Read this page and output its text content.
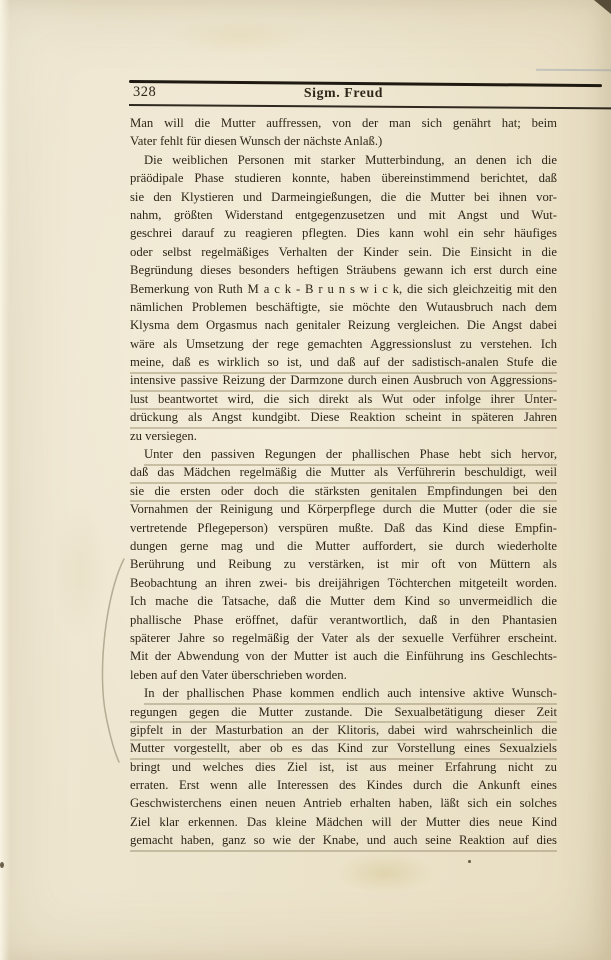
328	Sigm. Freud
Man will die Mutter auffressen, von der man sich genährt hat; beim
Vater fehlt für diesen Wunsch der nächste Anlaß.)
Die weiblichen Personen mit starker Mutterbindung, an denen ich die
präödipale Phase studieren konnte, haben übereinstimmend berichtet, daß
sie den Klystieren und Darmeingießungen, die die Mutter bei ihnen vor-
nahm, größten Widerstand entgegenzusetzen und mit Angst und Wut-
geschrei darauf zu reagieren pflegten. Dies kann wohl ein sehr häufiges
oder selbst regelmäßiges Verhalten der Kinder sein. Die Einsicht in die
Begründung dieses besonders heftigen Sträubens gewann ich erst durch eine
Bemerkung von Ruth M a c k - B r u n s w i c k, die sich gleichzeitig mit den
nämlichen Problemen beschäftigte, sie möchte den Wutausbruch nach dem
Klysma dem Orgasmus nach genitaler Reizung vergleichen. Die Angst dabei
wäre als Umsetzung der rege gemachten Aggressionslust zu verstehen. Ich
meine, daß es wirklich so ist, und daß auf der sadistisch-analen Stufe die
intensive passive Reizung der Darmzone durch einen Ausbruch von Aggressions-
lust beantwortet wird, die sich direkt als Wut oder infolge ihrer Unter-
drückung als Angst kundgibt. Diese Reaktion scheint in späteren Jahren
zu versiegen.
Unter den passiven Regungen der phallischen Phase hebt sich hervor,
daß das Mädchen regelmäßig die Mutter als Verführerin beschuldigt, weil
sie die ersten oder doch die stärksten genitalen Empfindungen bei den
Vornahmen der Reinigung und Körperpflege durch die Mutter (oder die sie
vertretende Pflegeperson) verspüren mußte. Daß das Kind diese Empfin-
dungen gerne mag und die Mutter auffordert, sie durch wiederholte
Berührung und Reibung zu verstärken, ist mir oft von Müttern als
Beobachtung an ihren zwei- bis dreijährigen Töchterchen mitgeteilt worden.
Ich mache die Tatsache, daß die Mutter dem Kind so unvermeidlich die
phallische Phase eröffnet, dafür verantwortlich, daß in den Phantasien
späterer Jahre so regelmäßig der Vater als der sexuelle Verführer erscheint.
Mit der Abwendung von der Mutter ist auch die Einführung ins Geschlechts-
leben auf den Vater überschrieben worden.
In der phallischen Phase kommen endlich auch intensive aktive Wunsch-
regungen gegen die Mutter zustande. Die Sexualbetätigung dieser Zeit
gipfelt in der Masturbation an der Klitoris, dabei wird wahrscheinlich die
Mutter vorgestellt, aber ob es das Kind zur Vorstellung eines Sexualziels
bringt und welches dies Ziel ist, ist aus meiner Erfahrung nicht zu
erraten. Erst wenn alle Interessen des Kindes durch die Ankunft eines
Geschwisterchens einen neuen Antrieb erhalten haben, läßt sich ein solches
Ziel klar erkennen. Das kleine Mädchen will der Mutter dies neue Kind
gemacht haben, ganz so wie der Knabe, und auch seine Reaktion auf dies
